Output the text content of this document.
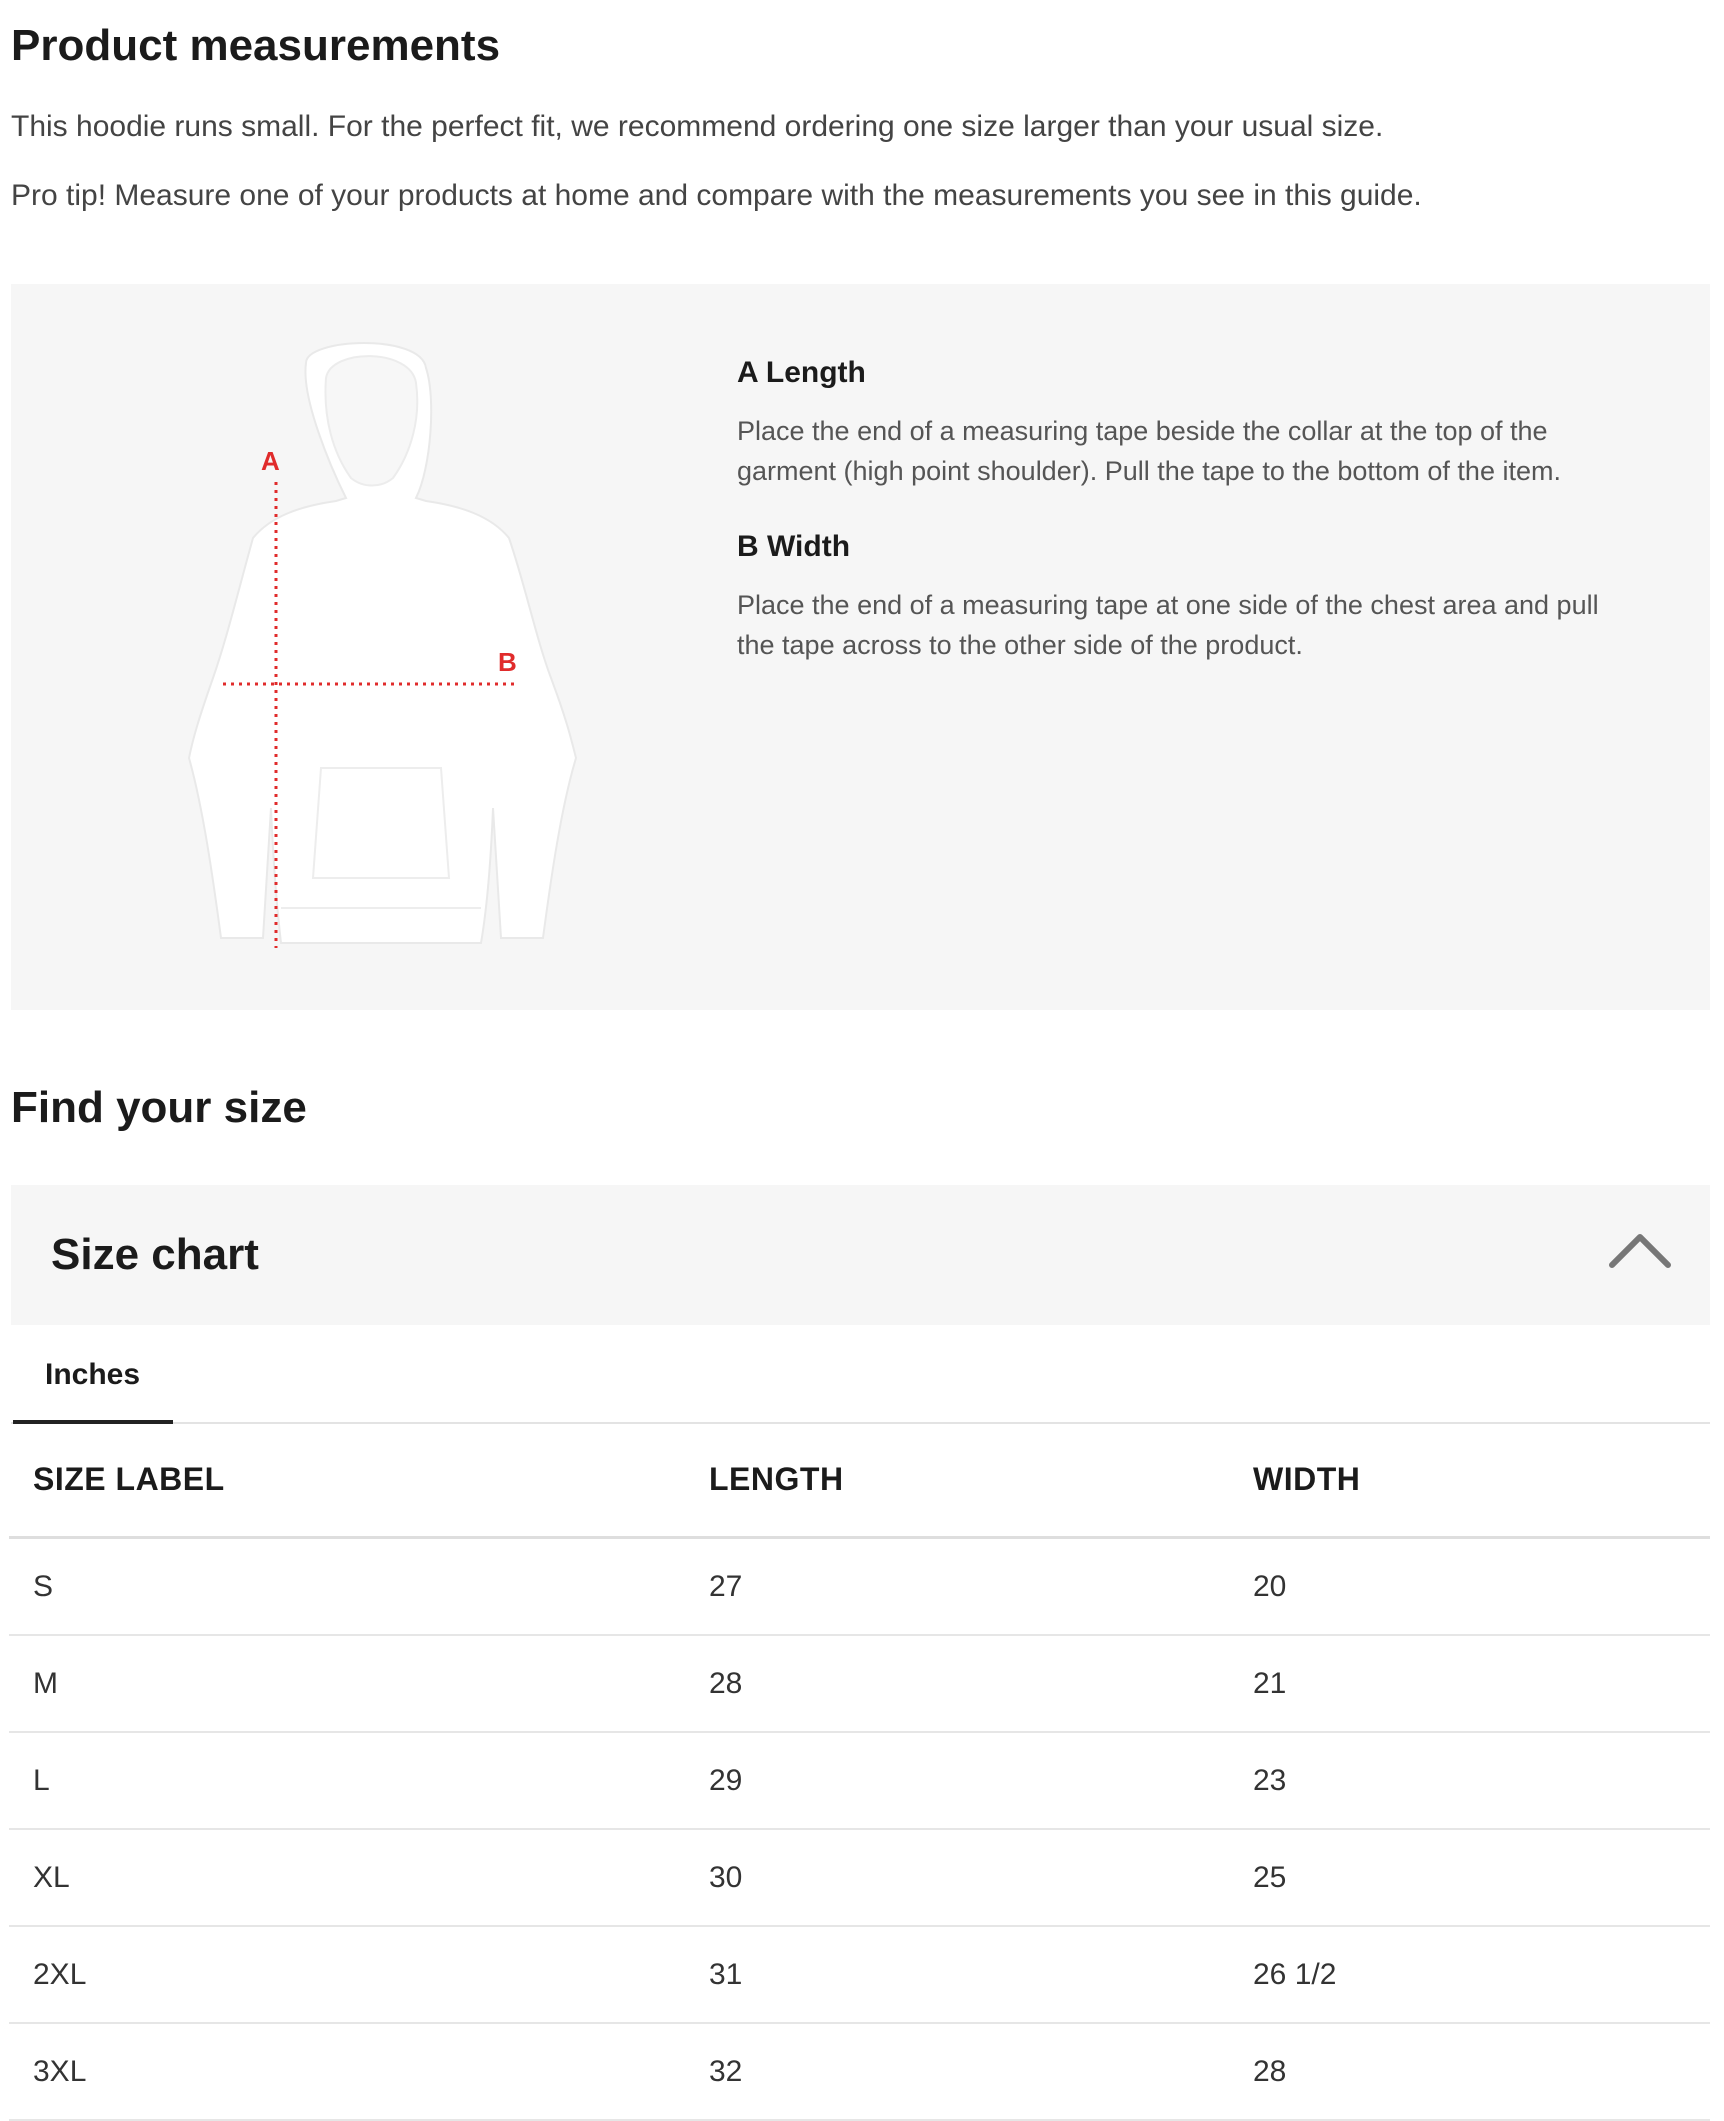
Product measurements

This hoodie runs small. For the perfect fit, we recommend ordering one size larger than your usual size.

Pro tip! Measure one of your products at home and compare with the measurements you see in this guide.

A
B
A Length

Place the end of a measuring tape beside the collar at the top of the garment (high point shoulder). Pull the tape to the bottom of the item.

B Width

Place the end of a measuring tape at one side of the chest area and pull the tape across to the other side of the product.

Find your size
Size chart
Inches
SIZE LABEL	LENGTH	WIDTH
S	27	20
M	28	21
L	29	23
XL	30	25
2XL	31	26 1/2
3XL	32	28
